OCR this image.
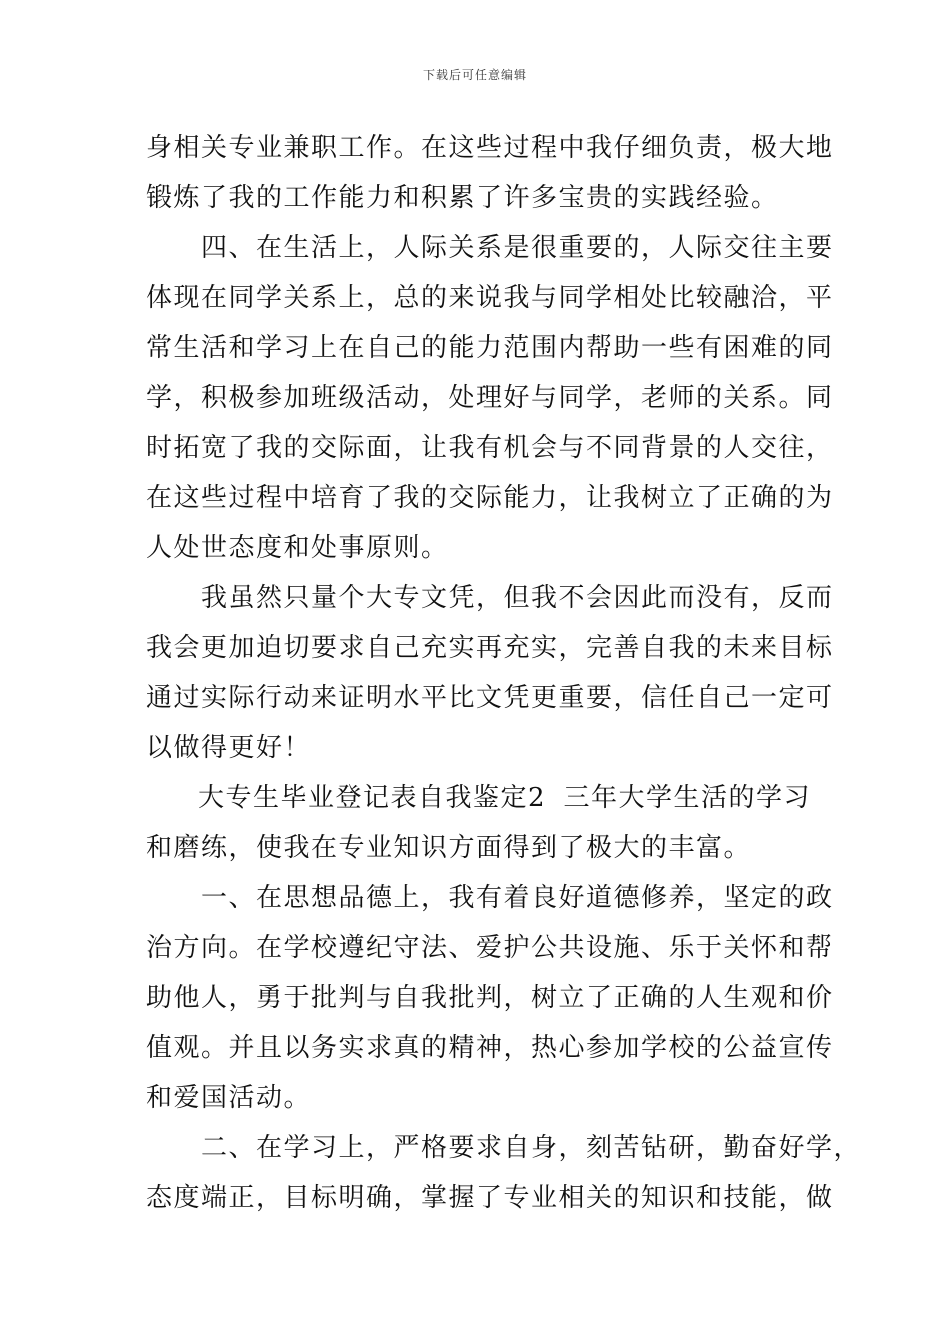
下载后可任意编辑
身相关专业兼职工作。在这些过程中我仔细负责，极大地
锻炼了我的工作能力和积累了许多宝贵的实践经验。
　　四、在生活上，人际关系是很重要的，人际交往主要
体现在同学关系上，总的来说我与同学相处比较融洽，平
常生活和学习上在自己的能力范围内帮助一些有困难的同
学，积极参加班级活动，处理好与同学，老师的关系。同
时拓宽了我的交际面，让我有机会与不同背景的人交往，
在这些过程中培育了我的交际能力，让我树立了正确的为
人处世态度和处事原则。
　　我虽然只量个大专文凭，但我不会因此而没有，反而
我会更加迫切要求自己充实再充实，完善自我的未来目标
通过实际行动来证明水平比文凭更重要，信任自己一定可
以做得更好！
大专生毕业登记表自我鉴定2 三年大学生活的学习
和磨练，使我在专业知识方面得到了极大的丰富。
　　一、在思想品德上，我有着良好道德修养，坚定的政
治方向。在学校遵纪守法、爱护公共设施、乐于关怀和帮
助他人，勇于批判与自我批判，树立了正确的人生观和价
值观。并且以务实求真的精神，热心参加学校的公益宣传
和爱国活动。
　　二、在学习上，严格要求自身，刻苦钻研，勤奋好学，
态度端正，目标明确，掌握了专业相关的知识和技能，做
